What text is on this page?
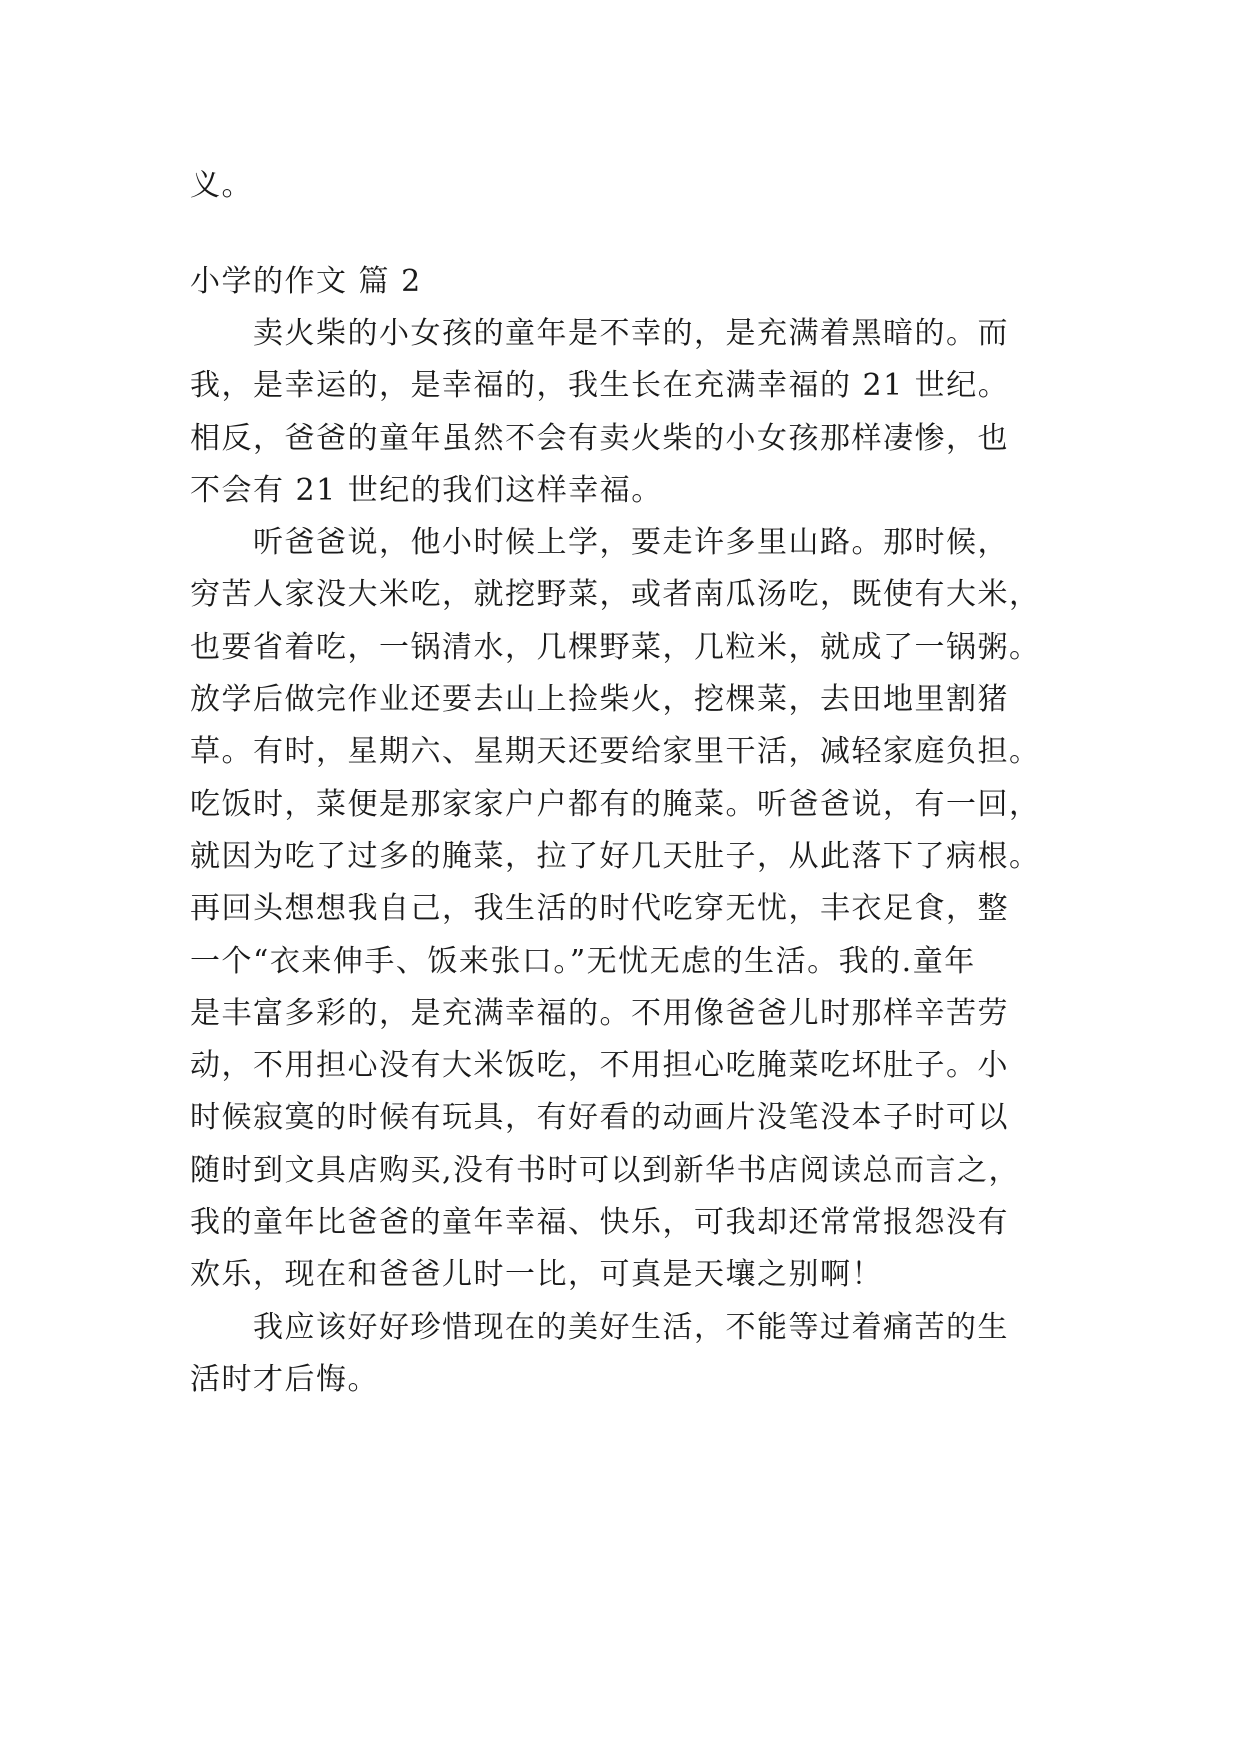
义。
小学的作文 篇 2
　　卖火柴的小女孩的童年是不幸的，是充满着黑暗的。而
我，是幸运的，是幸福的，我生长在充满幸福的 21 世纪。
相反，爸爸的童年虽然不会有卖火柴的小女孩那样凄惨，也
不会有 21 世纪的我们这样幸福。
　　听爸爸说，他小时候上学，要走许多里山路。那时候，
穷苦人家没大米吃，就挖野菜，或者南瓜汤吃，既使有大米，
也要省着吃，一锅清水，几棵野菜，几粒米，就成了一锅粥。
放学后做完作业还要去山上捡柴火，挖棵菜，去田地里割猪
草。有时，星期六、星期天还要给家里干活，减轻家庭负担。
吃饭时，菜便是那家家户户都有的腌菜。听爸爸说，有一回，
就因为吃了过多的腌菜，拉了好几天肚子，从此落下了病根。
再回头想想我自己，我生活的时代吃穿无忧，丰衣足食，整
一个“衣来伸手、饭来张口。”无忧无虑的生活。我的.童年
是丰富多彩的，是充满幸福的。不用像爸爸儿时那样辛苦劳
动，不用担心没有大米饭吃，不用担心吃腌菜吃坏肚子。小
时候寂寞的时候有玩具，有好看的动画片没笔没本子时可以
随时到文具店购买,没有书时可以到新华书店阅读总而言之，
我的童年比爸爸的童年幸福、快乐，可我却还常常报怨没有
欢乐，现在和爸爸儿时一比，可真是天壤之别啊！
　　我应该好好珍惜现在的美好生活，不能等过着痛苦的生
活时才后悔。
